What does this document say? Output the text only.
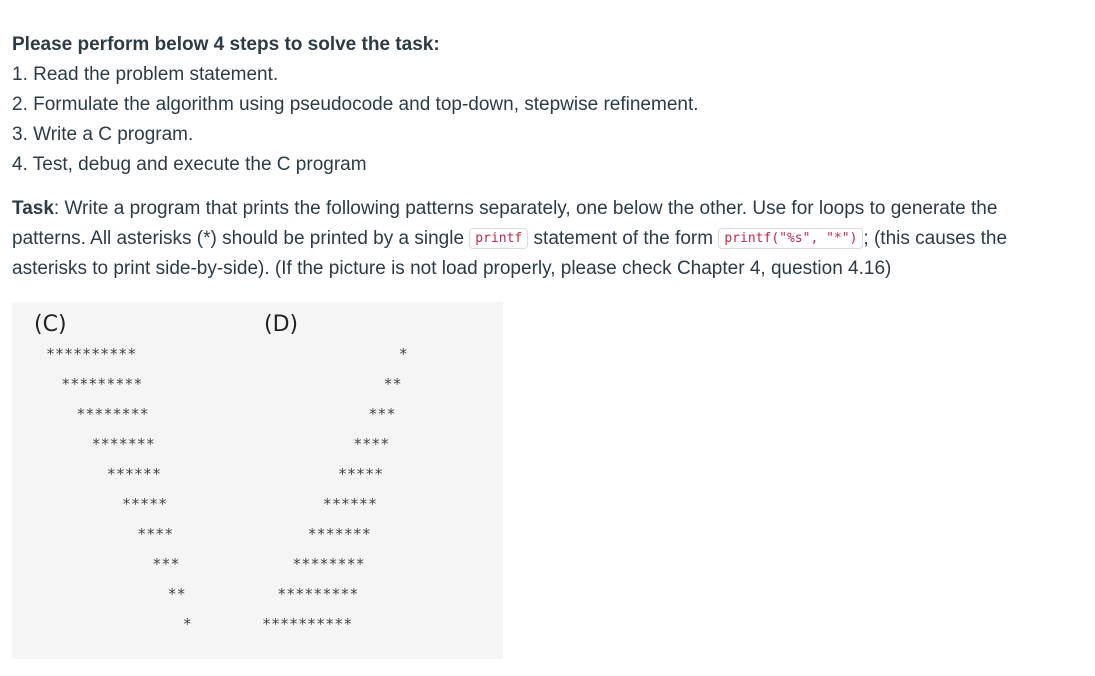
Please perform below 4 steps to solve the task:

1. Read the problem statement.
2. Formulate the algorithm using pseudocode and top-down, stepwise refinement.
3. Write a C program.
4. Test, debug and execute the C program
Task: Write a program that prints the following patterns separately, one below the other. Use for loops to generate the patterns. All asterisks (*) should be printed by a single printf statement of the form printf("%s", "*") ; (this causes the asterisks to print side-by-side). (If the picture is not load properly, please check Chapter 4, question 4.16)
(C)	(D)
**********
*********
********
*******
******
*****
****
***
**
*
*
**
***
****
*****
******
*******
********
*********
**********
